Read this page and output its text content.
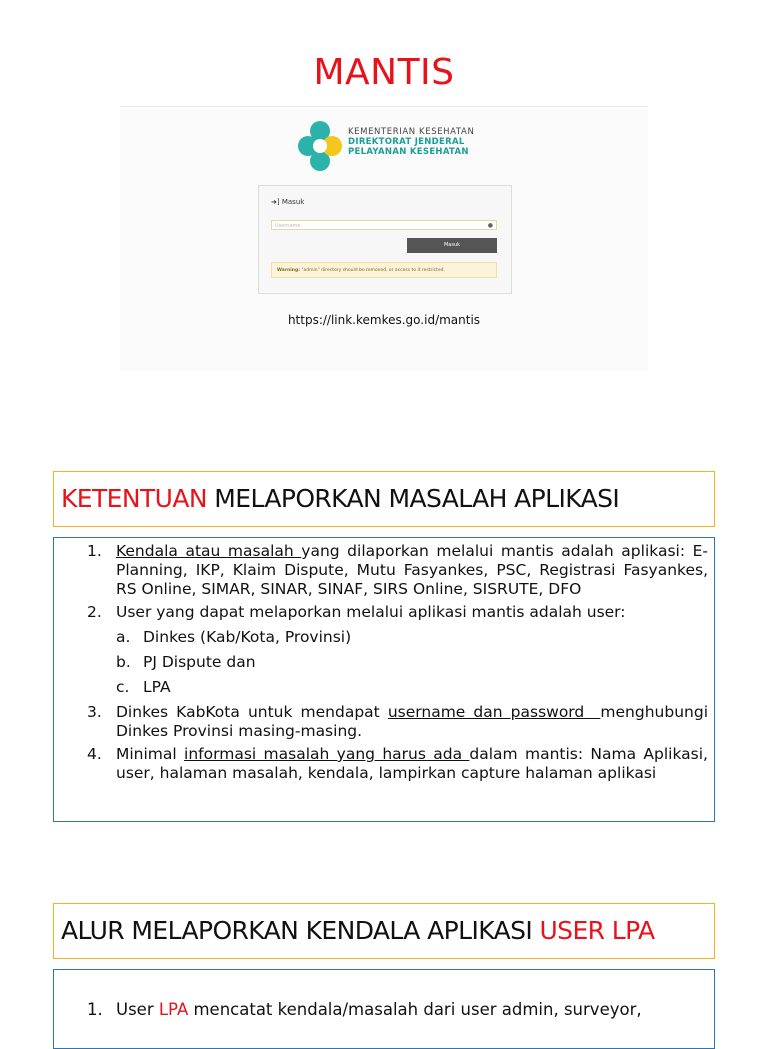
MANTIS
KEMENTERIAN KESEHATAN
DIREKTORAT JENDERAL
PELAYANAN KESEHATAN
➜] Masuk
Username	●
Masuk
Warning: "admin" directory should be removed, or access to it restricted.
https://link.kemkes.go.id/mantis
KETENTUAN MELAPORKAN MASALAH APLIKASI
1. Kendala atau masalah yang dilaporkan melalui mantis adalah aplikasi: E-Planning, IKP, Klaim Dispute, Mutu Fasyankes, PSC, Registrasi Fasyankes, RS Online, SIMAR, SINAR, SINAF, SIRS Online, SISRUTE, DFO
2. User yang dapat melaporkan melalui aplikasi mantis adalah user:
a. Dinkes (Kab/Kota, Provinsi)
b. PJ Dispute dan
c. LPA
3. Dinkes KabKota untuk mendapat username dan password  menghubungi Dinkes Provinsi masing-masing.
4. Minimal informasi masalah yang harus ada dalam mantis: Nama Aplikasi, user, halaman masalah, kendala, lampirkan capture halaman aplikasi
ALUR MELAPORKAN KENDALA APLIKASI USER LPA
1. User LPA mencatat kendala/masalah dari user admin, surveyor,
